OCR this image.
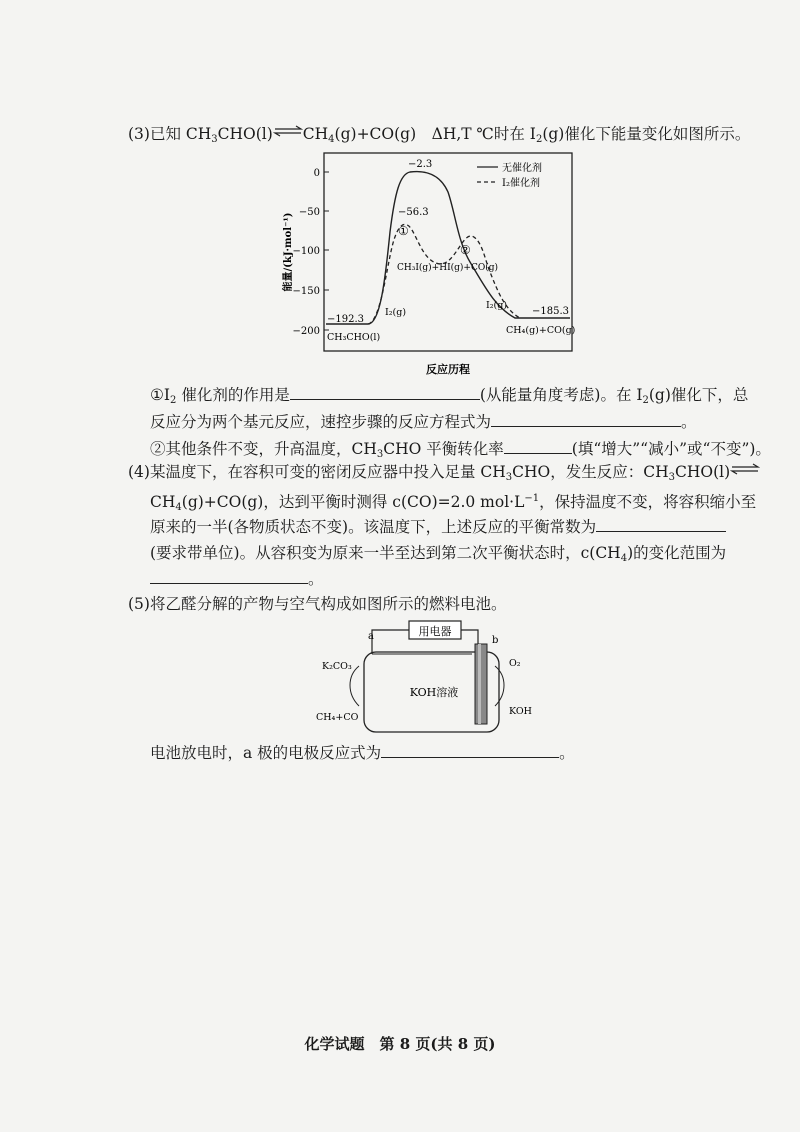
(3)已知 $CH_3CHO(l)\rightleftharpoons CH_4(g)+CO(g)$　ΔH,T ℃时在 $I_2(g)$催化下能量变化如图所示。
0
−50
−100
−150
−200
能量/(kJ·mol⁻¹)
反应历程
无催化剂
I₂催化剂
−2.3
−56.3
①
②
CH₃I(g)+HI(g)+CO(g)
−192.3
CH₃CHO(l)
I₂(g)
I₂(g)
−185.3
CH₄(g)+CO(g)
$①I_2$ 催化剂的作用是	(从能量角度考虑)。在 $I_2(g)$催化下，总
反应分为两个基元反应，速控步骤的反应方程式为	。
②其他条件不变，升高温度，$CH_3CHO$ 平衡转化率	(填“增大”“减小”或“不变”)。
(4)某温度下，在容积可变的密闭反应器中投入足量 $CH_3CHO$，发生反应：$CH_3CHO(l)\rightleftharpoons$
$CH_4(g)+CO(g)$，达到平衡时测得 c(CO)=2.0 $mol\cdot L^{-1}$，保持温度不变，将容积缩小至
原来的一半(各物质状态不变)。该温度下，上述反应的平衡常数为
(要求带单位)。从容积变为原来一半至达到第二次平衡状态时，$c(CH_4)$的变化范围为
。
(5)将乙醛分解的产物与空气构成如图所示的燃料电池。
用电器
a	b
KOH溶液
K₂CO₃
CH₄+CO
O₂
KOH
电池放电时，a 极的电极反应式为	。
化学试题　第 8 页(共 8 页)
